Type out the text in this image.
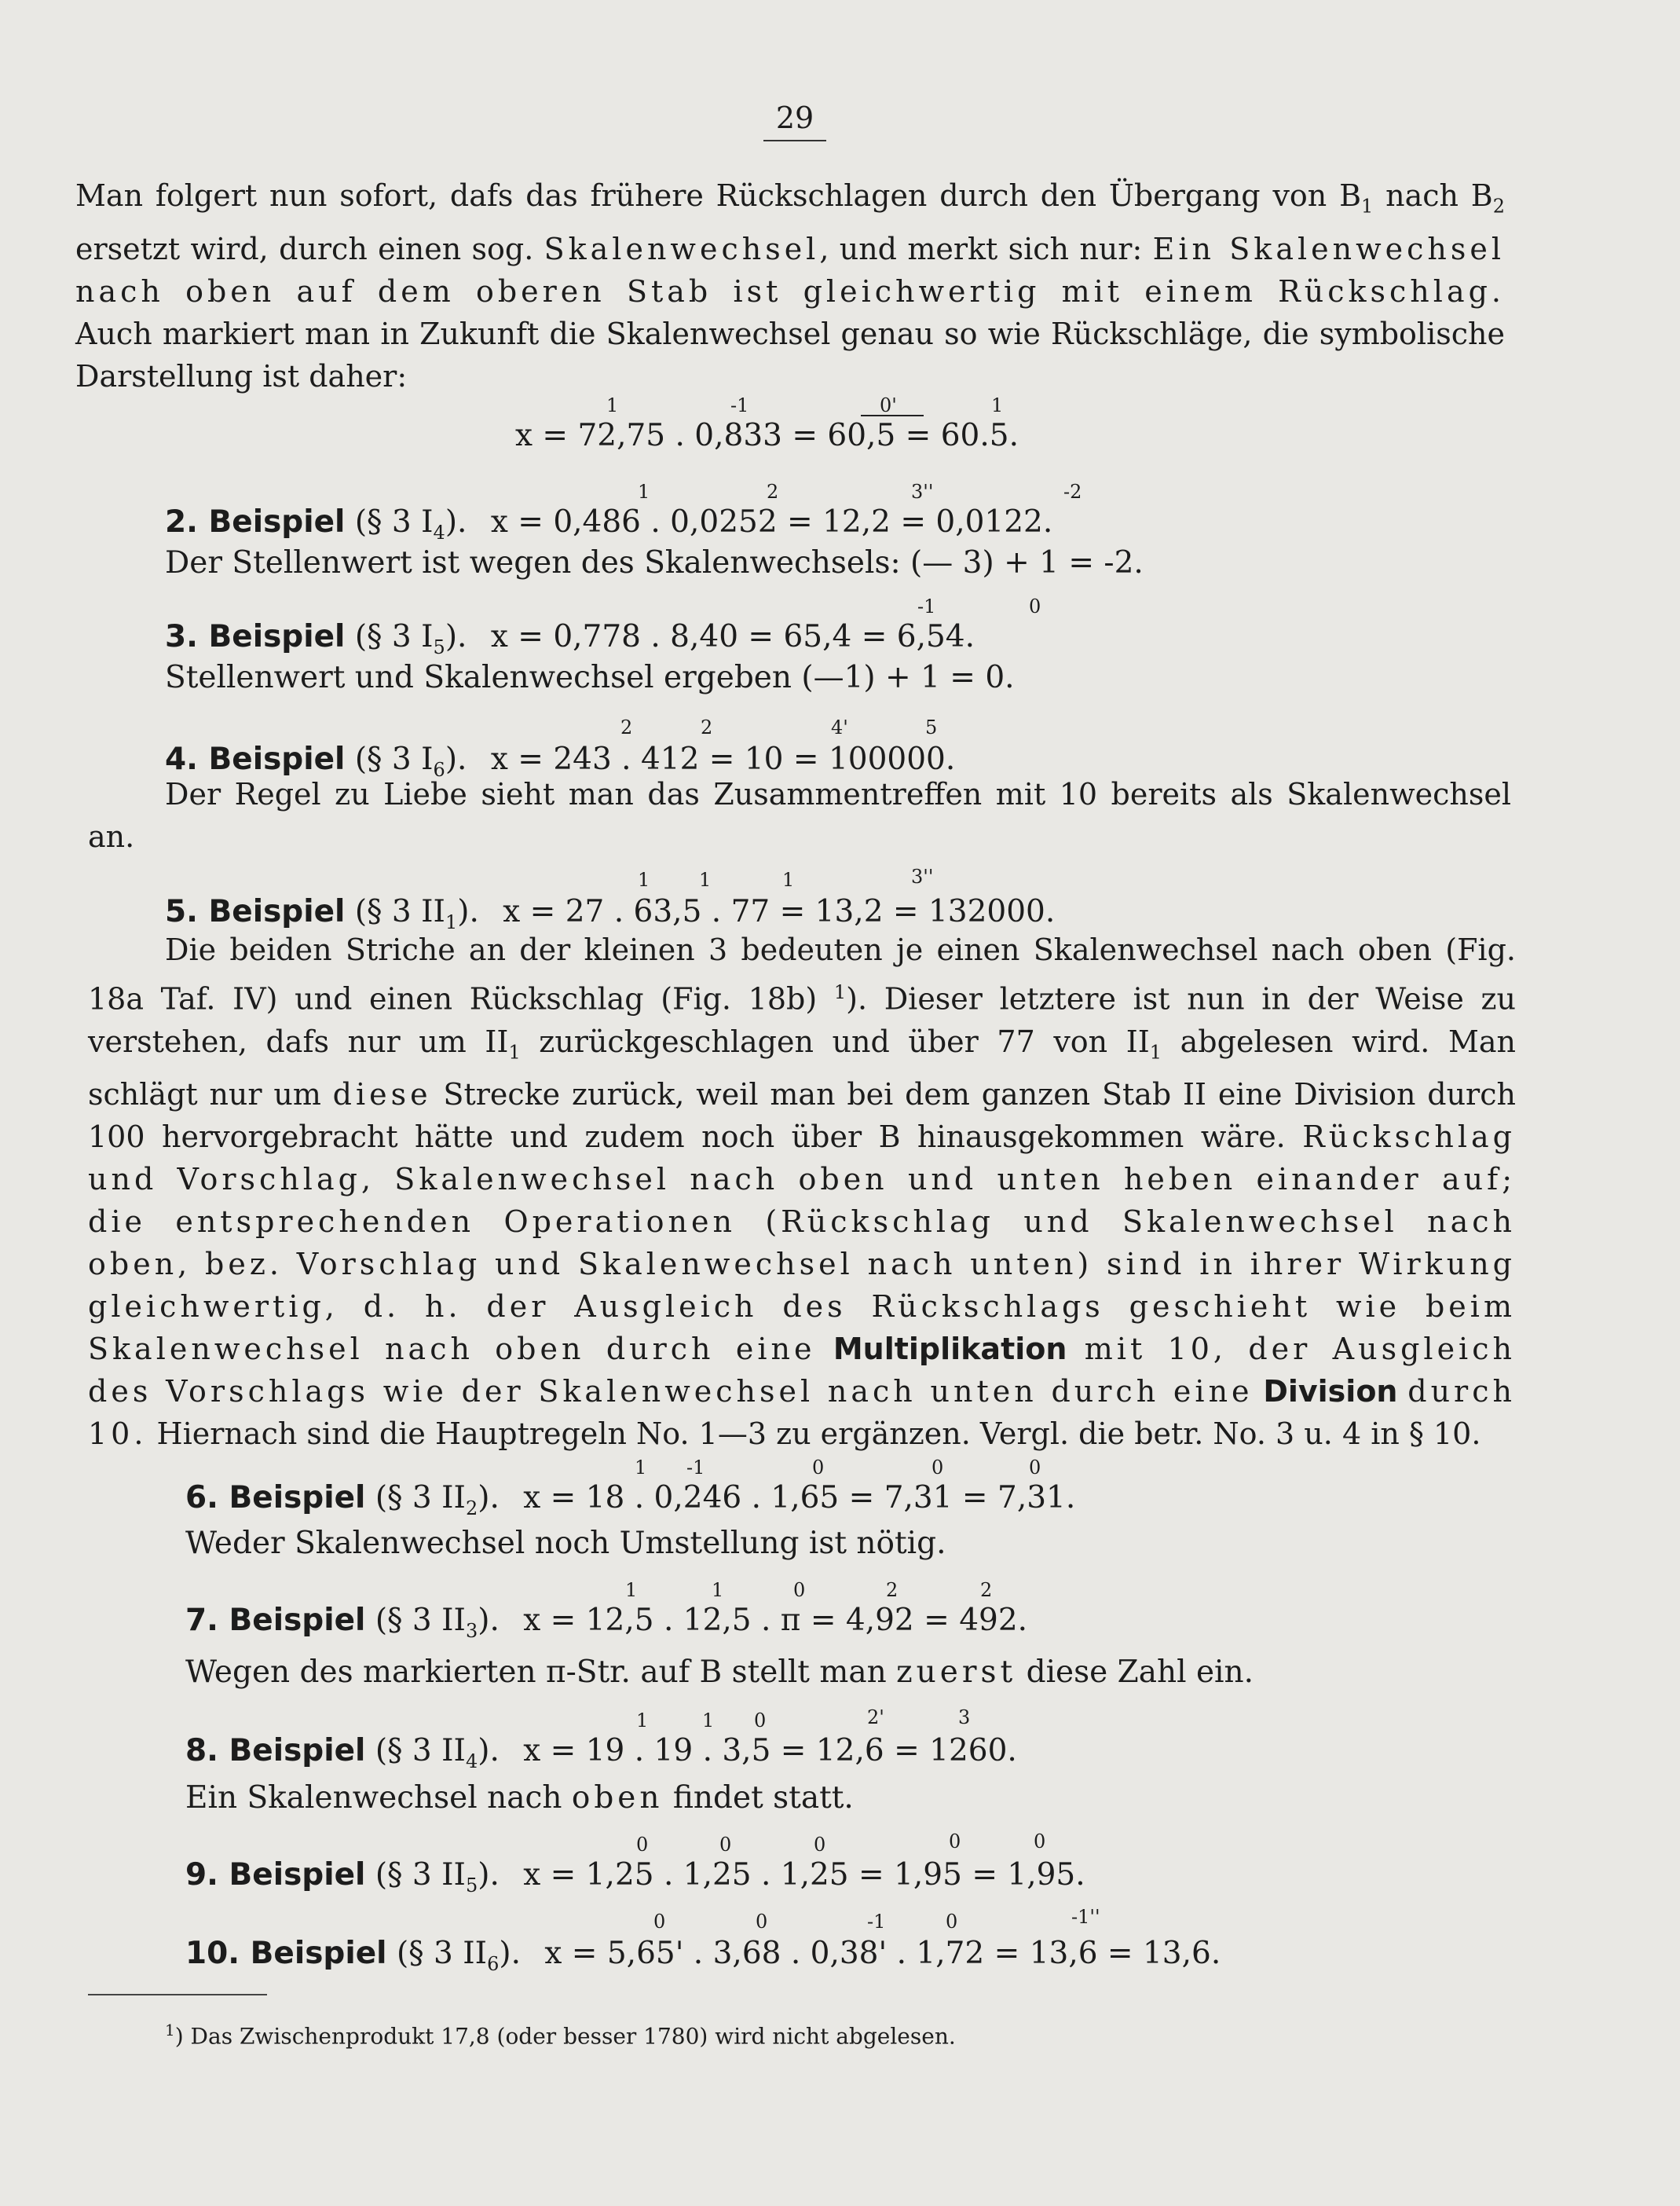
29
Man folgert nun sofort, dafs das frühere Rückschlagen durch den Übergang von $B_1$ nach $B_2$ ersetzt wird, durch einen sog. Skalenwechsel, und merkt sich nur: Ein Skalenwechsel nach oben auf dem oberen Stab ist gleichwertig mit einem Rückschlag. Auch markiert man in Zukunft die Skalenwechsel genau so wie Rückschläge, die symbolische Darstellung ist daher:
x = 72,75 . 0,833 = 60,5 = 60.5.
1	-1	0'	1
2. Beispiel (§ 3 $I_4$). x = 0,486 . 0,0252 = 12,2 = 0,0122.
1	2	3''	-2
Der Stellenwert ist wegen des Skalenwechsels: (— 3) + 1 = -2.
3. Beispiel (§ 3 $I_5$). x = 0,778 . 8,40 = 65,4 = 6,54.
-1	0
Stellenwert und Skalenwechsel ergeben (—1) + 1 = 0.
4. Beispiel (§ 3 $I_6$). x = 243 . 412 = 10 = 100000.
2	2	4'	5
Der Regel zu Liebe sieht man das Zusammentreffen mit 10 bereits als Skalenwechsel an.
5. Beispiel (§ 3 $II_1$). x = 27 . 63,5 . 77 = 13,2 = 132000.
1	1	1	3''
Die beiden Striche an der kleinen 3 bedeuten je einen Skalenwechsel nach oben (Fig. 18a Taf. IV) und einen Rückschlag (Fig. 18b) $^1$). Dieser letztere ist nun in der Weise zu verstehen, dafs nur um $II_1$ zurückgeschlagen und über 77 von $II_1$ abgelesen wird. Man schlägt nur um diese Strecke zurück, weil man bei dem ganzen Stab II eine Division durch 100 hervorgebracht hätte und zudem noch über B hinausgekommen wäre. Rückschlag und Vorschlag, Skalenwechsel nach oben und unten heben einander auf; die entsprechenden Operationen (Rückschlag und Skalenwechsel nach oben, bez. Vorschlag und Skalenwechsel nach unten) sind in ihrer Wirkung gleichwertig, d. h. der Ausgleich des Rückschlags geschieht wie beim Skalenwechsel nach oben durch eine Multiplikation mit 10, der Ausgleich des Vorschlags wie der Skalenwechsel nach unten durch eine Division durch 10. Hiernach sind die Hauptregeln No. 1—3 zu ergänzen. Vergl. die betr. No. 3 u. 4 in § 10.
6. Beispiel (§ 3 $II_2$). x = 18 . 0,246 . 1,65 = 7,31 = 7,31.
1 -1	0	0	0
Weder Skalenwechsel noch Umstellung ist nötig.
7. Beispiel (§ 3 $II_3$). x = 12,5 . 12,5 . π = 4,92 = 492.
1	1	0	2	2
Wegen des markierten π-Str. auf B stellt man zuerst diese Zahl ein.
8. Beispiel (§ 3 $II_4$). x = 19 . 19 . 3,5 = 12,6 = 1260.
1	1 0	2'	3
Ein Skalenwechsel nach oben findet statt.
9. Beispiel (§ 3 $II_5$). x = 1,25 . 1,25 . 1,25 = 1,95 = 1,95.
0	0	0	0	0
10. Beispiel (§ 3 $II_6$). x = 5,65' . 3,68 . 0,38' . 1,72 = 13,6 = 13,6.
0	0	-1	0	-1''
$^1$) Das Zwischenprodukt 17,8 (oder besser 1780) wird nicht abgelesen.
